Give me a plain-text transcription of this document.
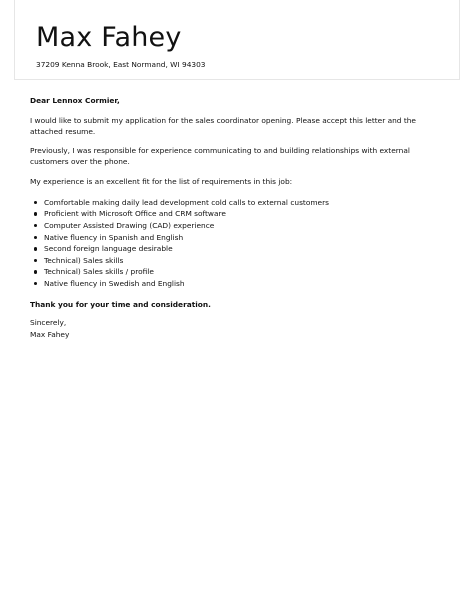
Max Fahey
37209 Kenna Brook, East Normand, WI 94303

Dear Lennox Cormier,

I would like to submit my application for the sales coordinator opening. Please accept this letter and the attached resume.

Previously, I was responsible for experience communicating to and building relationships with external customers over the phone.

My experience is an excellent fit for the list of requirements in this job:

Comfortable making daily lead development cold calls to external customers
Proficient with Microsoft Office and CRM software
Computer Assisted Drawing (CAD) experience
Native fluency in Spanish and English
Second foreign language desirable
Technical) Sales skills
Technical) Sales skills / profile
Native fluency in Swedish and English

Thank you for your time and consideration.

Sincerely,

Max Fahey
